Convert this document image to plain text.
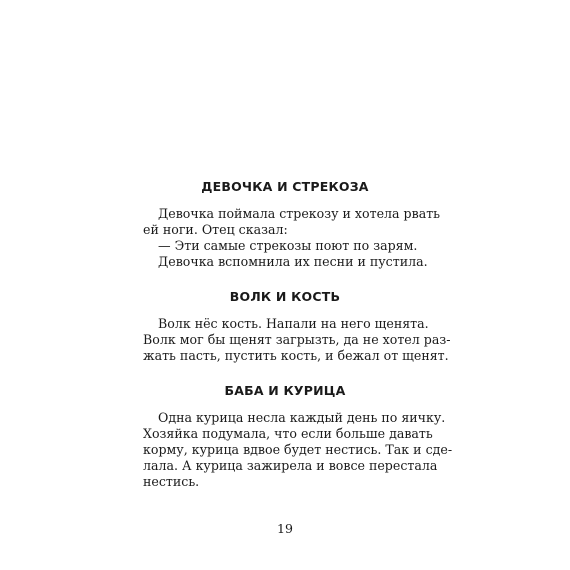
ДЕВОЧКА И СТРЕКОЗА
Девочка поймала стрекозу и хотела рвать
ей ноги. Отец сказал:
— Эти самые стрекозы поют по зарям.
Девочка вспомнила их песни и пустила.
ВОЛК И КОСТЬ
Волк нёс кость. Напали на него щенята.
Волк мог бы щенят загрызть, да не хотел раз-
жать пасть, пустить кость, и бежал от щенят.
БАБА И КУРИЦА
Одна курица несла каждый день по яичку.
Хозяйка подумала, что если больше давать
корму, курица вдвое будет нестись. Так и сде-
лала. А курица зажирела и вовсе перестала
нестись.
19
